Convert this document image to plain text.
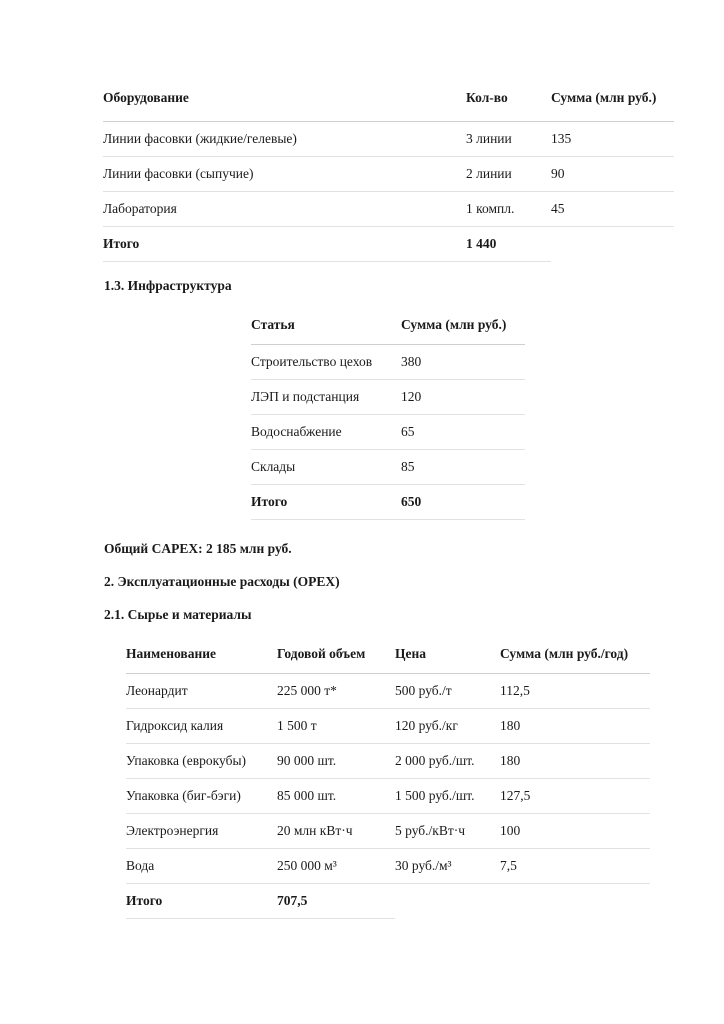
Оборудование	Кол-во	Сумма (млн руб.)
Линии фасовки (жидкие/гелевые)	3 линии	135
Линии фасовки (сыпучие)	2 линии	90
Лаборатория	1 компл.	45
Итого	1 440	
1.3. Инфраструктура
Статья	Сумма (млн руб.)
Строительство цехов	380
ЛЭП и подстанция	120
Водоснабжение	65
Склады	85
Итого	650
Общий CAPEX: 2 185 млн руб.
2. Эксплуатационные расходы (OPEX)
2.1. Сырье и материалы
Наименование	Годовой объем	Цена	Сумма (млн руб./год)
Леонардит	225 000 т*	500 руб./т	112,5
Гидроксид калия	1 500 т	120 руб./кг	180
Упаковка (еврокубы)	90 000 шт.	2 000 руб./шт.	180
Упаковка (биг-бэги)	85 000 шт.	1 500 руб./шт.	127,5
Электроэнергия	20 млн кВт·ч	5 руб./кВт·ч	100
Вода	250 000 м³	30 руб./м³	7,5
Итого	707,5		
